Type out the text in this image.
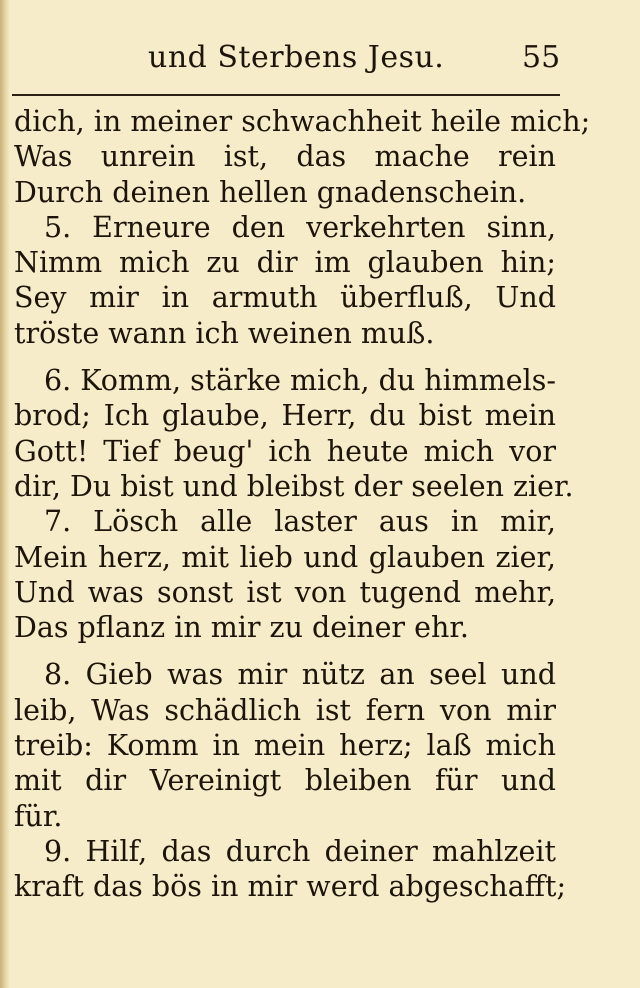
und Sterbens Jesu.	55
dich, in meiner schwachheit heile mich;
Was unrein ist, das mache rein
Durch deinen hellen gnadenschein.
5. Erneure den verkehrten sinn,
Nimm mich zu dir im glauben hin;
Sey mir in armuth überfluß, Und
tröste wann ich weinen muß.
6. Komm, stärke mich, du himmels-
brod; Ich glaube, Herr, du bist mein
Gott! Tief beug' ich heute mich vor
dir, Du bist und bleibst der seelen zier.
7. Lösch alle laster aus in mir,
Mein herz, mit lieb und glauben zier,
Und was sonst ist von tugend mehr,
Das pflanz in mir zu deiner ehr.
8. Gieb was mir nütz an seel und
leib, Was schädlich ist fern von mir
treib: Komm in mein herz; laß mich
mit dir Vereinigt bleiben für und
für.
9. Hilf, das durch deiner mahlzeit
kraft das bös in mir werd abgeschafft;
